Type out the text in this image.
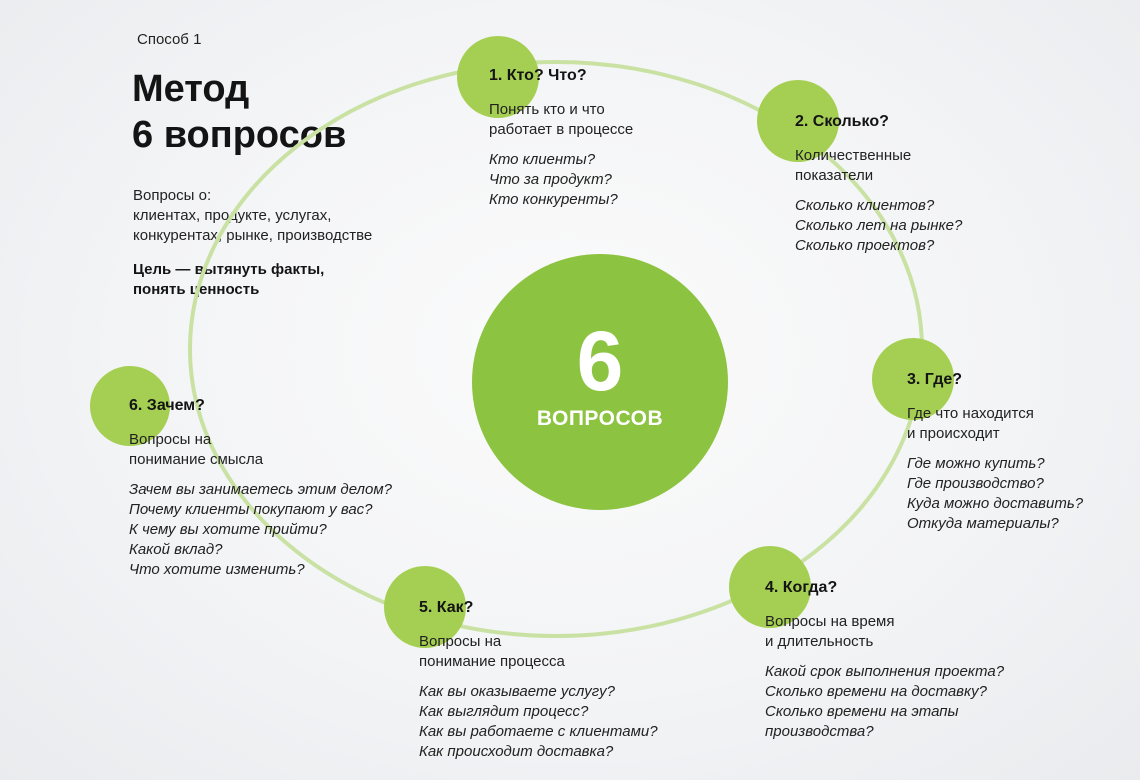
Способ 1
Метод
6 вопросов
Вопросы о:
клиентах, продукте, услугах,
конкурентах, рынке, производстве
Цель — вытянуть факты,
понять ценность
6
ВОПРОСОВ
1. Кто? Что?
Понять кто и что
работает в процессе
Кто клиенты?
Что за продукт?
Кто конкуренты?
2. Сколько?
Количественные
показатели
Сколько клиентов?
Сколько лет на рынке?
Сколько проектов?
3. Где?
Где что находится
и происходит
Где можно купить?
Где производство?
Куда можно доставить?
Откуда материалы?
4. Когда?
Вопросы на время
и длительность
Какой срок выполнения проекта?
Сколько времени на доставку?
Сколько времени на этапы
производства?
5. Как?
Вопросы на
понимание процесса
Как вы оказываете услугу?
Как выглядит процесс?
Как вы работаете с клиентами?
Как происходит доставка?
6. Зачем?
Вопросы на
понимание смысла
Зачем вы занимаетесь этим делом?
Почему клиенты покупают у вас?
К чему вы хотите прийти?
Какой вклад?
Что хотите изменить?
